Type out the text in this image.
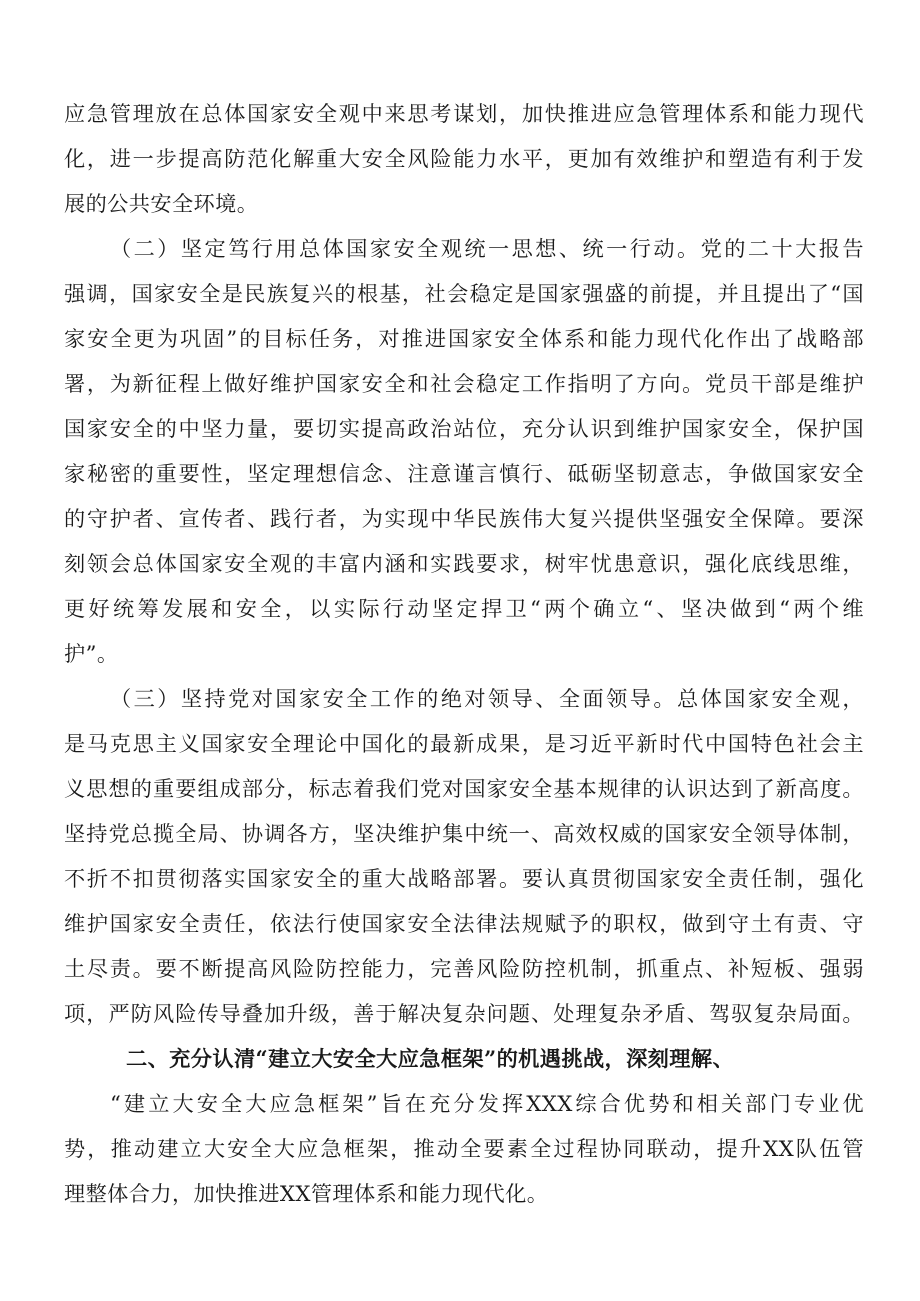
应急管理放在总体国家安全观中来思考谋划，加快推进应急管理体系和能力现代
化，进一步提高防范化解重大安全风险能力水平，更加有效维护和塑造有利于发
展的公共安全环境。
（二）坚定笃行用总体国家安全观统一思想、统一行动。党的二十大报告
强调，国家安全是民族复兴的根基，社会稳定是国家强盛的前提，并且提出了“国
家安全更为巩固”的目标任务，对推进国家安全体系和能力现代化作出了战略部
署，为新征程上做好维护国家安全和社会稳定工作指明了方向。党员干部是维护
国家安全的中坚力量，要切实提高政治站位，充分认识到维护国家安全，保护国
家秘密的重要性，坚定理想信念、注意谨言慎行、砥砺坚韧意志，争做国家安全
的守护者、宣传者、践行者，为实现中华民族伟大复兴提供坚强安全保障。要深
刻领会总体国家安全观的丰富内涵和实践要求，树牢忧患意识，强化底线思维，
更好统筹发展和安全，以实际行动坚定捍卫“两个确立“、坚决做到“两个维
护”。
（三）坚持党对国家安全工作的绝对领导、全面领导。总体国家安全观，
是马克思主义国家安全理论中国化的最新成果，是习近平新时代中国特色社会主
义思想的重要组成部分，标志着我们党对国家安全基本规律的认识达到了新高度。
坚持党总揽全局、协调各方，坚决维护集中统一、高效权威的国家安全领导体制，
不折不扣贯彻落实国家安全的重大战略部署。要认真贯彻国家安全责任制，强化
维护国家安全责任，依法行使国家安全法律法规赋予的职权，做到守土有责、守
土尽责。要不断提高风险防控能力，完善风险防控机制，抓重点、补短板、强弱
项，严防风险传导叠加升级，善于解决复杂问题、处理复杂矛盾、驾驭复杂局面。
二、充分认清“建立大安全大应急框架”的机遇挑战，深刻理解、
“建立大安全大应急框架”旨在充分发挥XXX综合优势和相关部门专业优
势，推动建立大安全大应急框架，推动全要素全过程协同联动，提升XX队伍管
理整体合力，加快推进XX管理体系和能力现代化。
